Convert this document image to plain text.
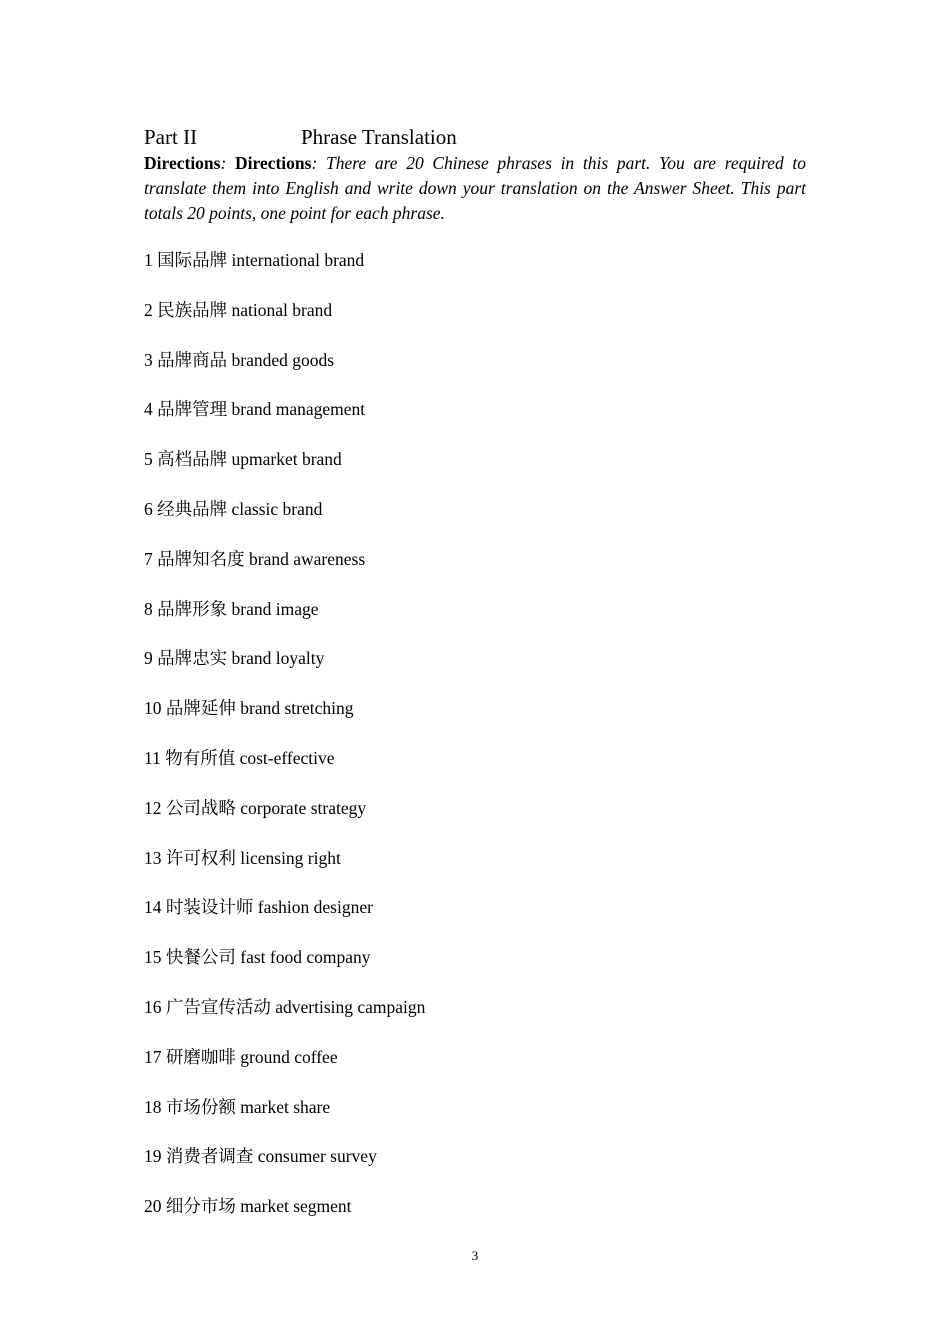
Part II	Phrase Translation
Directions: Directions: There are 20 Chinese phrases in this part. You are required to translate them into English and write down your translation on the Answer Sheet. This part totals 20 points, one point for each phrase.
1 国际品牌 international brand
2 民族品牌 national brand
3 品牌商品 branded goods
4 品牌管理 brand management
5 高档品牌 upmarket brand
6 经典品牌 classic brand
7 品牌知名度 brand awareness
8 品牌形象 brand image
9 品牌忠实 brand loyalty
10 品牌延伸 brand stretching
11 物有所值 cost-effective
12 公司战略 corporate strategy
13 许可权利 licensing right
14 时装设计师 fashion designer
15 快餐公司 fast food company
16 广告宣传活动 advertising campaign
17 研磨咖啡 ground coffee
18 市场份额 market share
19 消费者调查 consumer survey
20 细分市场 market segment
3
